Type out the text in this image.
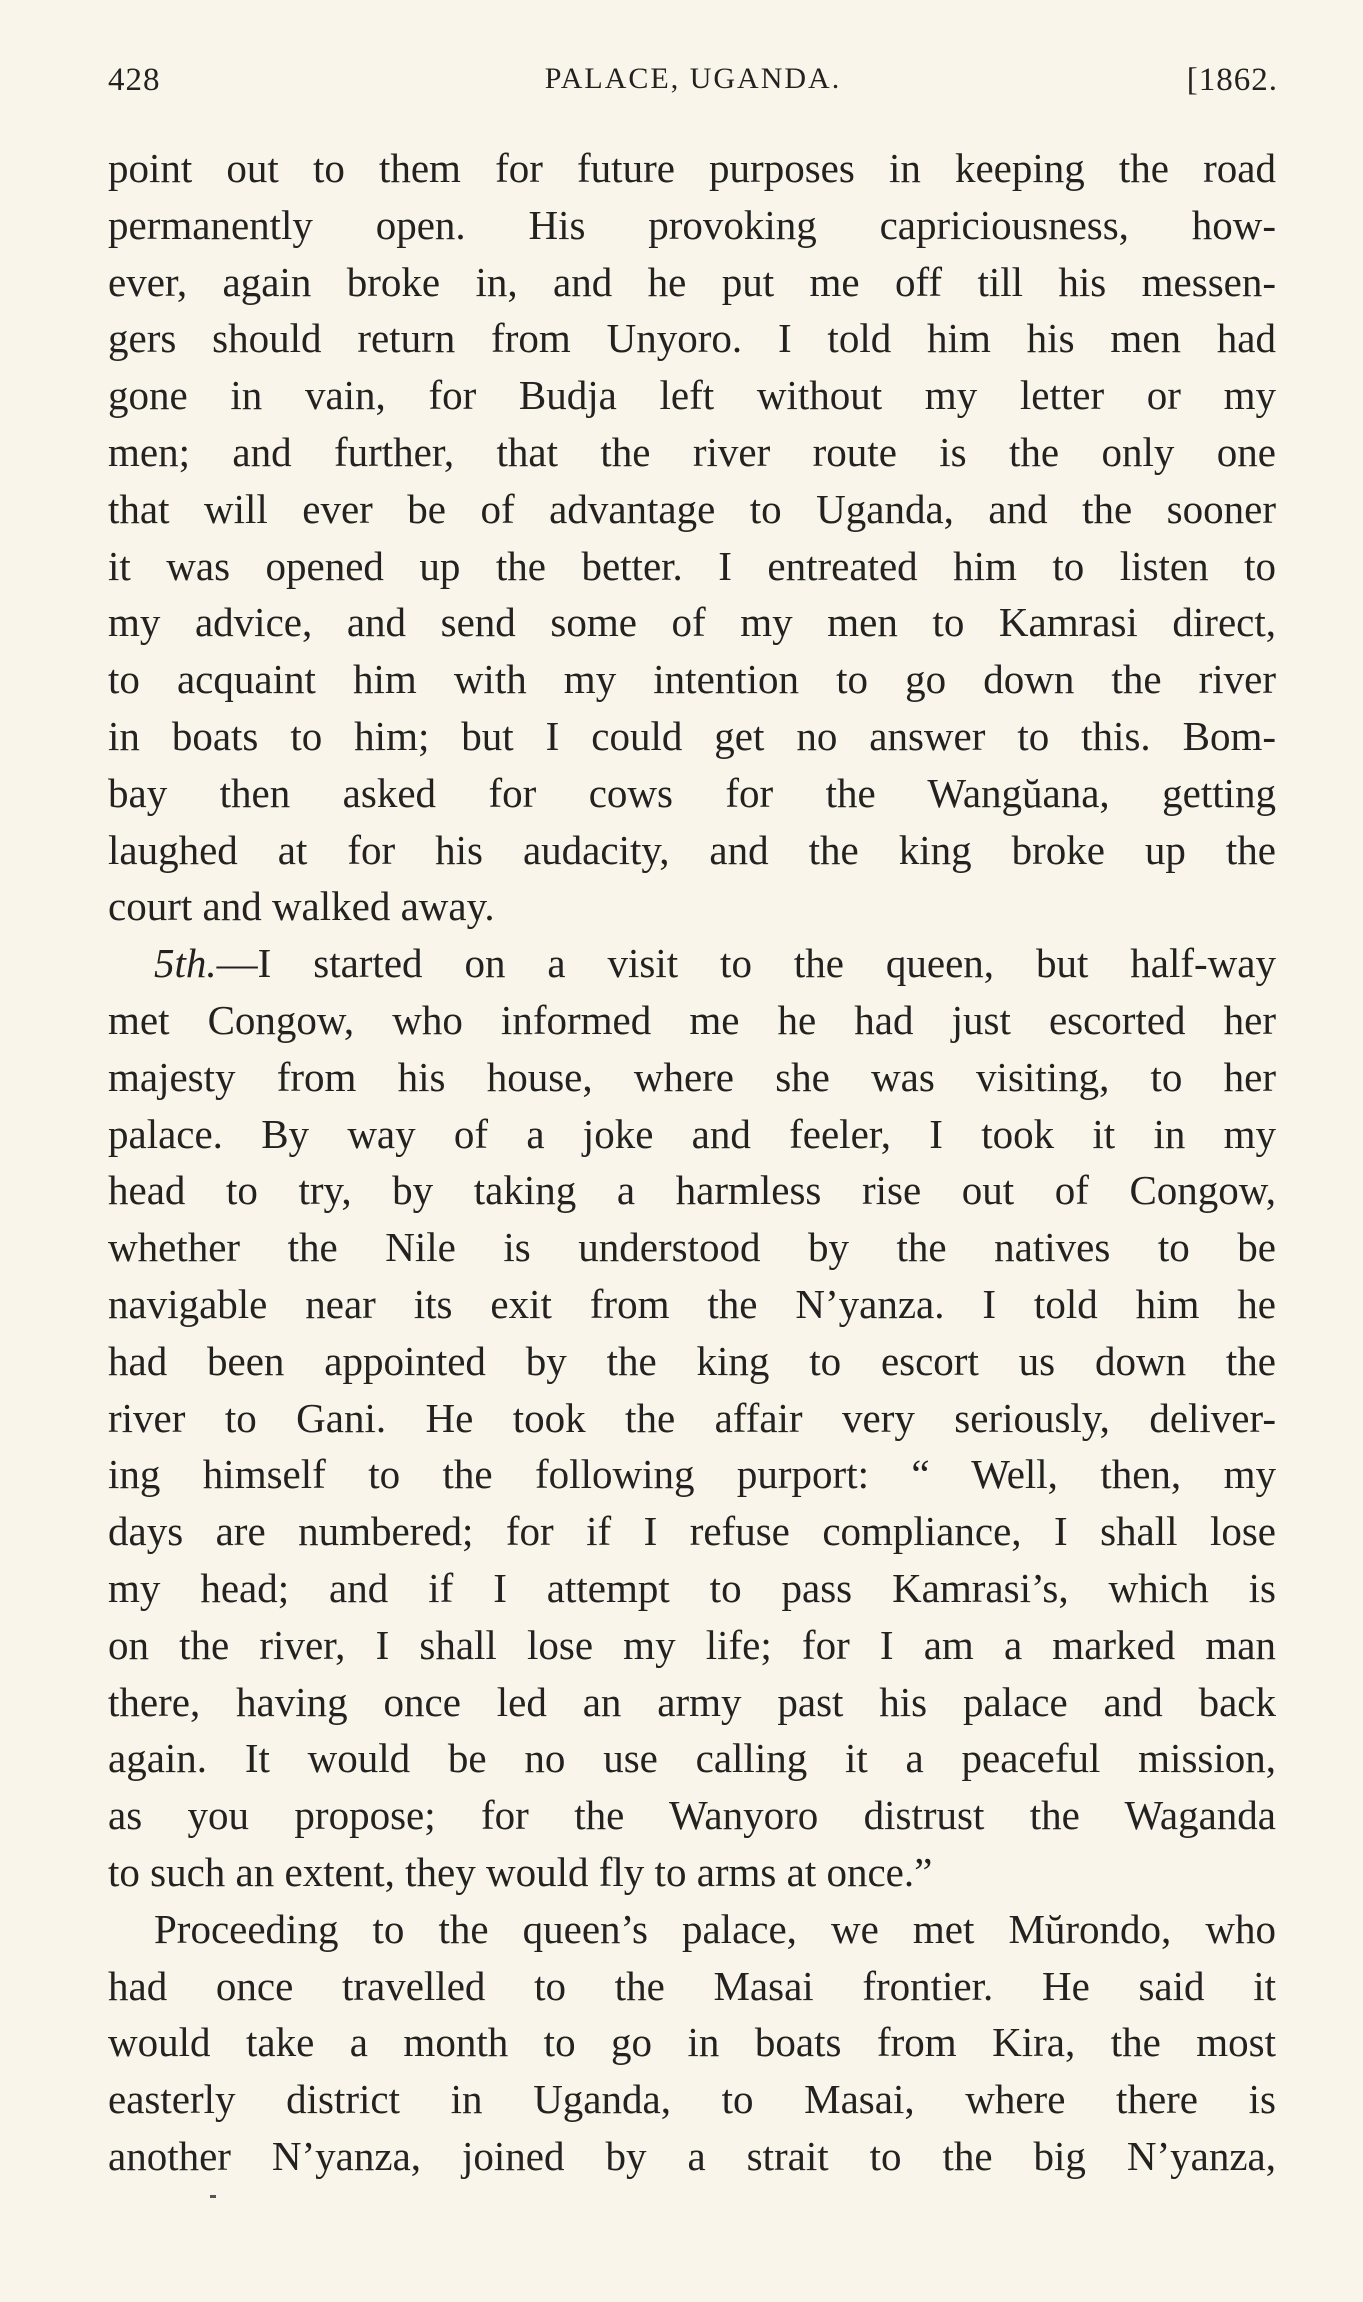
428	PALACE, UGANDA.	[1862.
point out to them for future purposes in keeping the road
permanently open. His provoking capriciousness, how-
ever, again broke in, and he put me off till his messen-
gers should return from Unyoro. I told him his men had
gone in vain, for Budja left without my letter or my
men; and further, that the river route is the only one
that will ever be of advantage to Uganda, and the sooner
it was opened up the better. I entreated him to listen to
my advice, and send some of my men to Kamrasi direct,
to acquaint him with my intention to go down the river
in boats to him; but I could get no answer to this. Bom-
bay then asked for cows for the Wangŭana, getting
laughed at for his audacity, and the king broke up the
court and walked away.
5th.—I started on a visit to the queen, but half-way
met Congow, who informed me he had just escorted her
majesty from his house, where she was visiting, to her
palace. By way of a joke and feeler, I took it in my
head to try, by taking a harmless rise out of Congow,
whether the Nile is understood by the natives to be
navigable near its exit from the N’yanza. I told him he
had been appointed by the king to escort us down the
river to Gani. He took the affair very seriously, deliver-
ing himself to the following purport: “ Well, then, my
days are numbered; for if I refuse compliance, I shall lose
my head; and if I attempt to pass Kamrasi’s, which is
on the river, I shall lose my life; for I am a marked man
there, having once led an army past his palace and back
again. It would be no use calling it a peaceful mission,
as you propose; for the Wanyoro distrust the Waganda
to such an extent, they would fly to arms at once.”
Proceeding to the queen’s palace, we met Mŭrondo, who
had once travelled to the Masai frontier. He said it
would take a month to go in boats from Kira, the most
easterly district in Uganda, to Masai, where there is
another N’yanza, joined by a strait to the big N’yanza,
